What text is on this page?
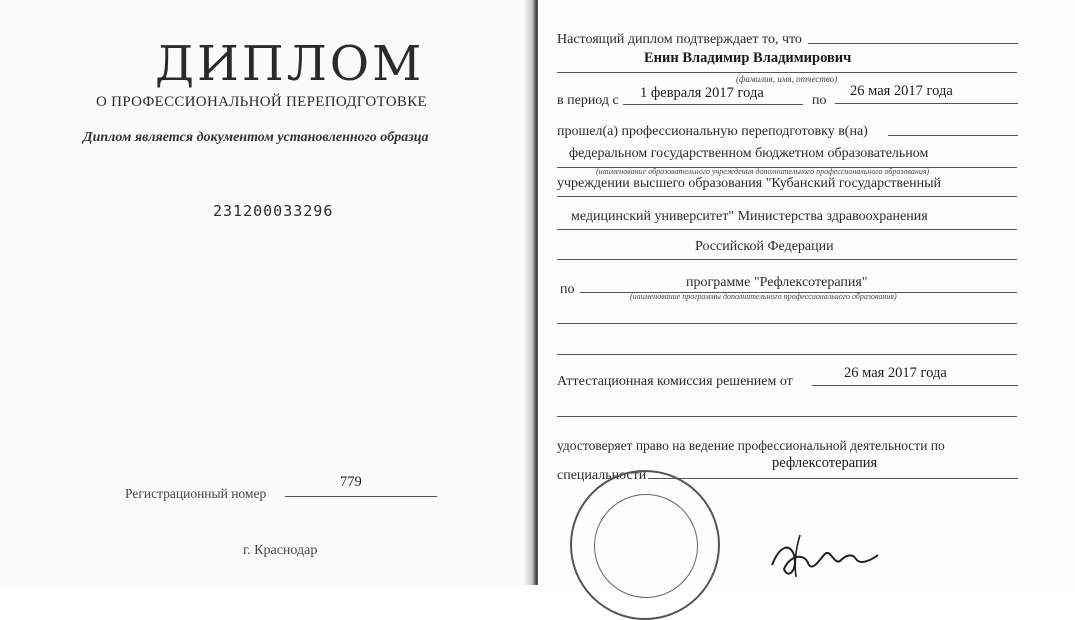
ДИПЛОМ
О ПРОФЕССИОНАЛЬНОЙ ПЕРЕПОДГОТОВКЕ
Диплом является документом установленного образца
231200033296
Регистрационный номер
779
г. Краснодар
Настоящий диплом подтверждает то, что
Енин Владимир Владимирович
(фамилия, имя, отчество)
в период с 1 февраля 2017 года	по
26 мая 2017 года
прошел(а) профессиональную переподготовку в(на)
федеральном государственном бюджетном образовательном
(наименование образовательного учреждения дополнительного профессионального образования)
учреждении высшего образования "Кубанский государственный
медицинский университет" Министерства здравоохранения
Российской Федерации
по	программе "Рефлексотерапия"
(наименование программы дополнительного профессионального образования)
Аттестационная комиссия решением от
26 мая 2017 года
удостоверяет право на ведение профессиональной деятельности по
специальности
рефлексотерапия
